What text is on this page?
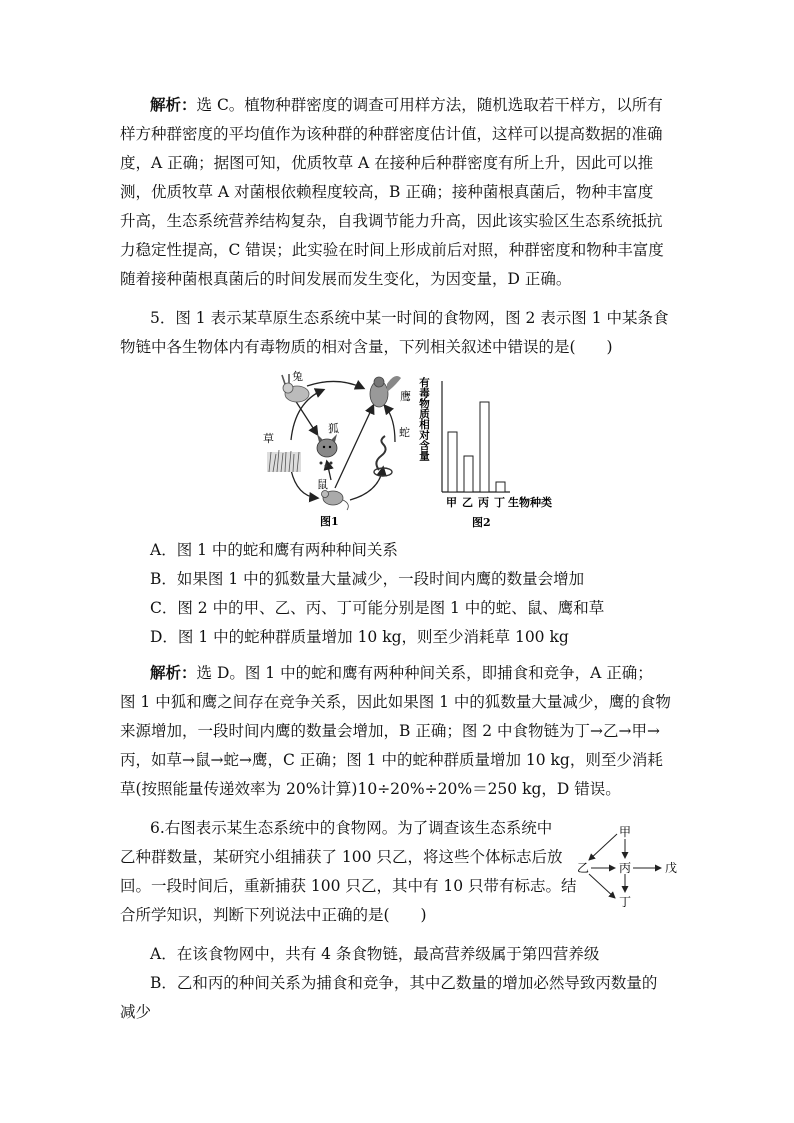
解析：选 C。植物种群密度的调查可用样方法，随机选取若干样方，以所有
样方种群密度的平均值作为该种群的种群密度估计值，这样可以提高数据的准确
度，A 正确；据图可知，优质牧草 A 在接种后种群密度有所上升，因此可以推
测，优质牧草 A 对菌根依赖程度较高，B 正确；接种菌根真菌后，物种丰富度
升高，生态系统营养结构复杂，自我调节能力升高，因此该实验区生态系统抵抗
力稳定性提高，C 错误；此实验在时间上形成前后对照，种群密度和物种丰富度
随着接种菌根真菌后的时间发展而发生变化，为因变量，D 正确。
5．图 1 表示某草原生态系统中某一时间的食物网，图 2 表示图 1 中某条食
物链中各生物体内有毒物质的相对含量，下列相关叙述中错误的是(　　)
兔
鹰
草
狐	蛇
鼠
图1
有毒物质相对含量
甲 乙 丙 丁 生物种类
图2
A．图 1 中的蛇和鹰有两种种间关系
B．如果图 1 中的狐数量大量减少，一段时间内鹰的数量会增加
C．图 2 中的甲、乙、丙、丁可能分别是图 1 中的蛇、鼠、鹰和草
D．图 1 中的蛇种群质量增加 10 kg，则至少消耗草 100 kg
解析：选 D。图 1 中的蛇和鹰有两种种间关系，即捕食和竞争，A 正确；
图 1 中狐和鹰之间存在竞争关系，因此如果图 1 中的狐数量大量减少，鹰的食物
来源增加，一段时间内鹰的数量会增加，B 正确；图 2 中食物链为丁→乙→甲→
丙，如草→鼠→蛇→鹰，C 正确；图 1 中的蛇种群质量增加 10 kg，则至少消耗
草(按照能量传递效率为 20%计算)10÷20%÷20%＝250 kg，D 错误。
6.右图表示某生态系统中的食物网。为了调查该生态系统中
乙种群数量，某研究小组捕获了 100 只乙，将这些个体标志后放
回。一段时间后，重新捕获 100 只乙，其中有 10 只带有标志。结
合所学知识，判断下列说法中正确的是(　　)
甲
乙 丙
丁
戊
A．在该食物网中，共有 4 条食物链，最高营养级属于第四营养级
B．乙和丙的种间关系为捕食和竞争，其中乙数量的增加必然导致丙数量的
减少
